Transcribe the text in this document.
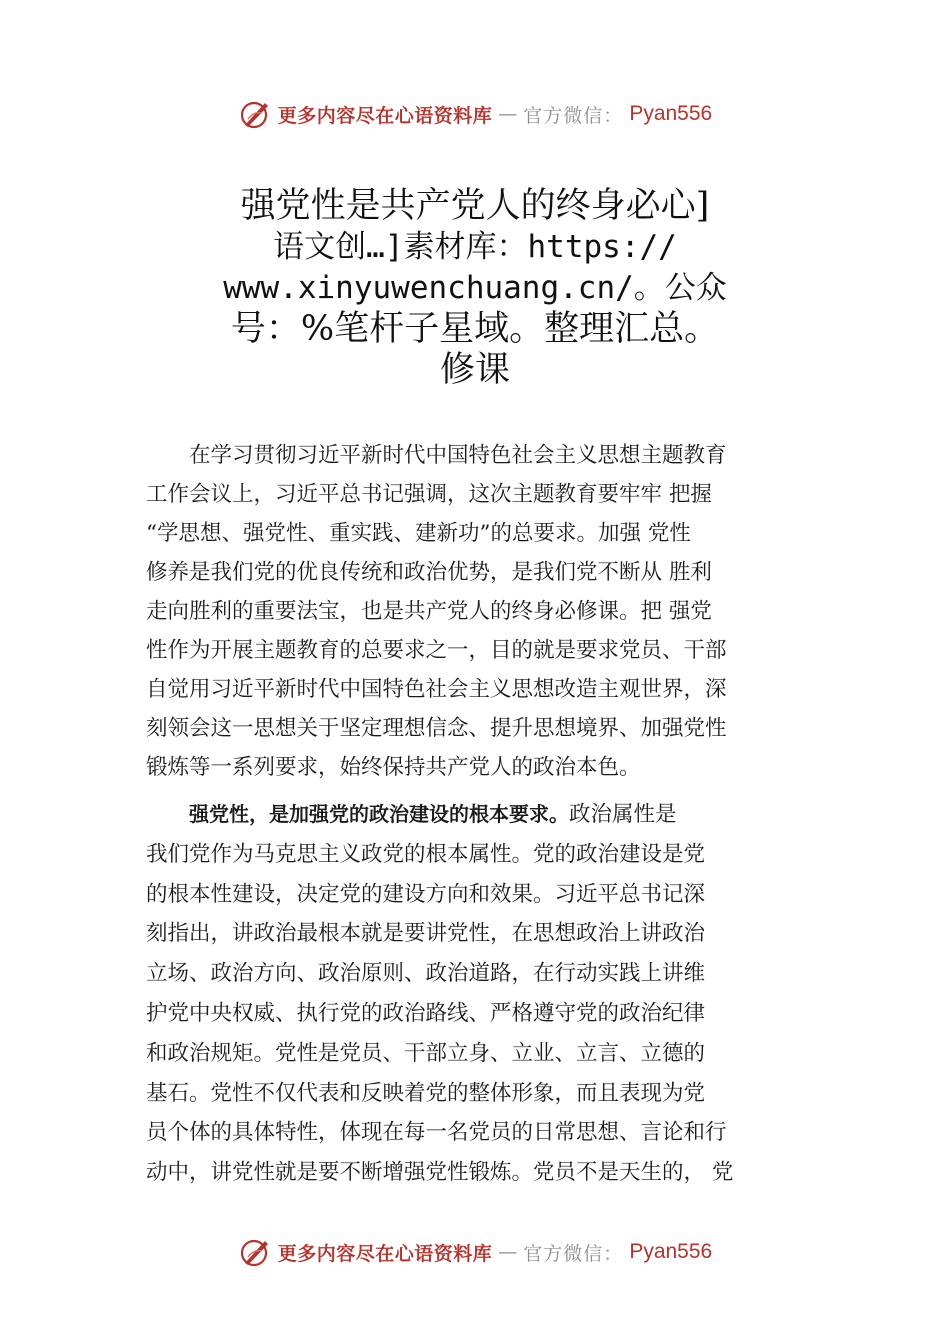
更多内容尽在心语资料库 — 官方微信： Pyan556
强党性是共产党人的终身必心]
语文创…]素材库：https://
www.xinyuwenchuang.cn/。公众
号：%笔杆子星域。整理汇总。
修课
　　在学习贯彻习近平新时代中国特色社会主义思想主题教育
工作会议上，习近平总书记强调，这次主题教育要牢牢 把握
“学思想、强党性、重实践、建新功”的总要求。加强 党性
修养是我们党的优良传统和政治优势，是我们党不断从 胜利
走向胜利的重要法宝，也是共产党人的终身必修课。把 强党
性作为开展主题教育的总要求之一，目的就是要求党员、干部
自觉用习近平新时代中国特色社会主义思想改造主观世界，深
刻领会这一思想关于坚定理想信念、提升思想境界、加强党性
锻炼等一系列要求，始终保持共产党人的政治本色。
　　强党性，是加强党的政治建设的根本要求。政治属性是
我们党作为马克思主义政党的根本属性。党的政治建设是党
的根本性建设，决定党的建设方向和效果。习近平总书记深
刻指出，讲政治最根本就是要讲党性，在思想政治上讲政治
立场、政治方向、政治原则、政治道路，在行动实践上讲维
护党中央权威、执行党的政治路线、严格遵守党的政治纪律
和政治规矩。党性是党员、干部立身、立业、立言、立德的
基石。党性不仅代表和反映着党的整体形象，而且表现为党
员个体的具体特性，体现在每一名党员的日常思想、言论和行
动中，讲党性就是要不断增强党性锻炼。党员不是天生的， 党
更多内容尽在心语资料库 — 官方微信： Pyan556
